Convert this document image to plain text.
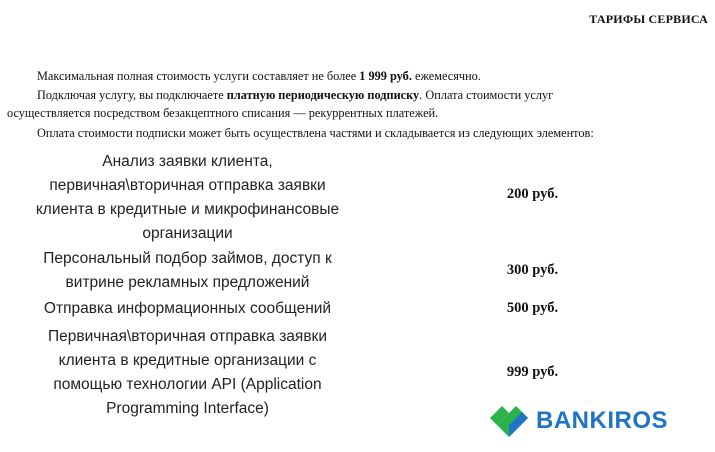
ТАРИФЫ СЕРВИСА
Максимальная полная стоимость услуги составляет не более 1 999 руб. ежемесячно.
Подключая услугу, вы подключаете платную периодическую подписку. Оплата стоимости услуг
осуществляется посредством безакцептного списания — рекуррентных платежей.
Оплата стоимости подписки может быть осуществлена частями и складывается из следующих элементов:
Анализ заявки клиента,
первичная\вторичная отправка заявки
клиента в кредитные и микрофинансовые
организации
200 руб.
Персональный подбор займов, доступ к
витрине рекламных предложений
300 руб.
Отправка информационных сообщений	500 руб.
Первичная\вторичная отправка заявки
клиента в кредитные организации с
помощью технологии API (Application
Programming Interface)
999 руб.
BANKIROS
